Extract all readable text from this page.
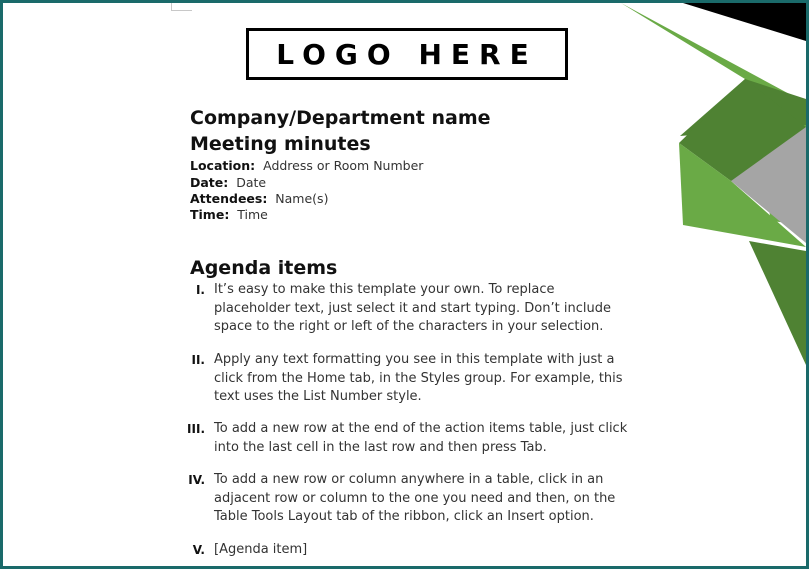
LOGO HERE
Company/Department name
Meeting minutes
Location: Address or Room Number
Date: Date
Attendees: Name(s)
Time: Time
Agenda items
I. It’s easy to make this template your own. To replace placeholder text, just select it and start typing. Don’t include space to the right or left of the characters in your selection.
II. Apply any text formatting you see in this template with just a click from the Home tab, in the Styles group. For example, this text uses the List Number style.
III. To add a new row at the end of the action items table, just click into the last cell in the last row and then press Tab.
IV. To add a new row or column anywhere in a table, click in an adjacent row or column to the one you need and then, on the Table Tools Layout tab of the ribbon, click an Insert option.
V. [Agenda item]
